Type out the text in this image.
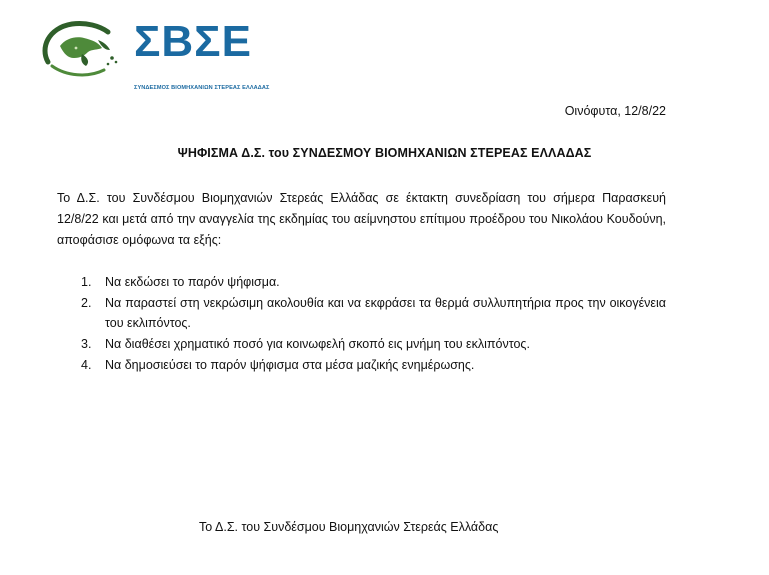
ΣΒΣΕ
ΣΥΝΔΕΣΜΟΣ ΒΙΟΜΗΧΑΝΙΩΝ ΣΤΕΡΕΑΣ ΕΛΛΑΔΑΣ
Οινόφυτα, 12/8/22
ΨΗΦΙΣΜΑ Δ.Σ. του ΣΥΝΔΕΣΜΟΥ ΒΙΟΜΗΧΑΝΙΩΝ ΣΤΕΡΕΑΣ ΕΛΛΑΔΑΣ
Το Δ.Σ. του Συνδέσμου Βιομηχανιών Στερεάς Ελλάδας σε έκτακτη συνεδρίαση του σήμερα Παρασκευή 12/8/22 και μετά από την αναγγελία της εκδημίας του αείμνηστου επίτιμου προέδρου του Νικολάου Κουδούνη, αποφάσισε ομόφωνα τα εξής:
1. Να εκδώσει το παρόν ψήφισμα.
2. Να παραστεί στη νεκρώσιμη ακολουθία και να εκφράσει τα θερμά συλλυπητήρια προς την οικογένεια του εκλιπόντος.
3. Να διαθέσει χρηματικό ποσό για κοινωφελή σκοπό εις μνήμη του εκλιπόντος.
4. Να δημοσιεύσει το παρόν ψήφισμα στα μέσα μαζικής ενημέρωσης.
Το Δ.Σ. του Συνδέσμου Βιομηχανιών Στερεάς Ελλάδας
